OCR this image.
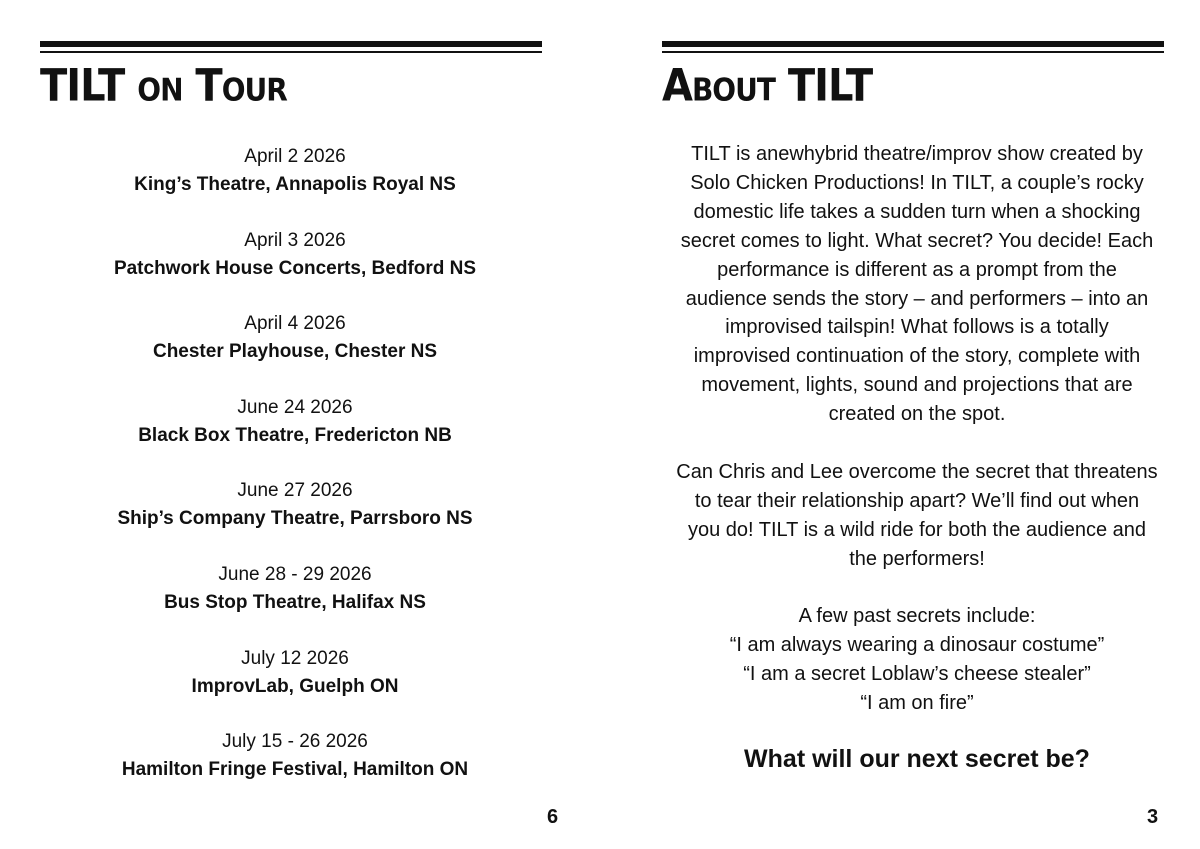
TILT on Tour
April 2 2026
King’s Theatre, Annapolis Royal NS
April 3 2026
Patchwork House Concerts, Bedford NS
April 4 2026
Chester Playhouse, Chester NS
June 24 2026
Black Box Theatre, Fredericton NB
June 27 2026
Ship’s Company Theatre, Parrsboro NS
June 28 - 29 2026
Bus Stop Theatre, Halifax NS
July 12 2026
ImprovLab, Guelph ON
July 15 - 26 2026
Hamilton Fringe Festival, Hamilton ON
6
About TILT
3

TILT is anewhybrid theatre/improv show created by
Solo Chicken Productions! In TILT, a couple’s rocky
domestic life takes a sudden turn when a shocking
secret comes to light. What secret? You decide! Each
performance is different as a prompt from the
audience sends the story – and performers – into an
improvised tailspin! What follows is a totally
improvised continuation of the story, complete with
movement, lights, sound and projections that are
created on the spot.

Can Chris and Lee overcome the secret that threatens
to tear their relationship apart? We’ll find out when
you do! TILT is a wild ride for both the audience and
the performers!

A few past secrets include:
“I am always wearing a dinosaur costume”
“I am a secret Loblaw’s cheese stealer”
“I am on fire”

What will our next secret be?
